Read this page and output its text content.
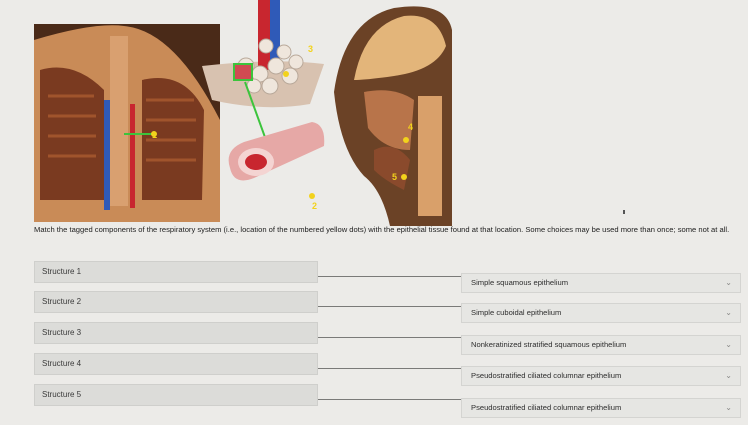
1
2
3
4
5
Match the tagged components of the respiratory system (i.e., location of the numbered yellow dots) with the epithelial tissue found at that location. Some choices may be used more than once; some not at all.
Structure 1
Simple squamous epithelium	⌄
Structure 2
Simple cuboidal epithelium	⌄
Structure 3
Nonkeratinized stratified squamous epithelium	⌄
Structure 4
Pseudostratified ciliated columnar epithelium	⌄
Structure 5
Pseudostratified ciliated columnar epithelium	⌄
